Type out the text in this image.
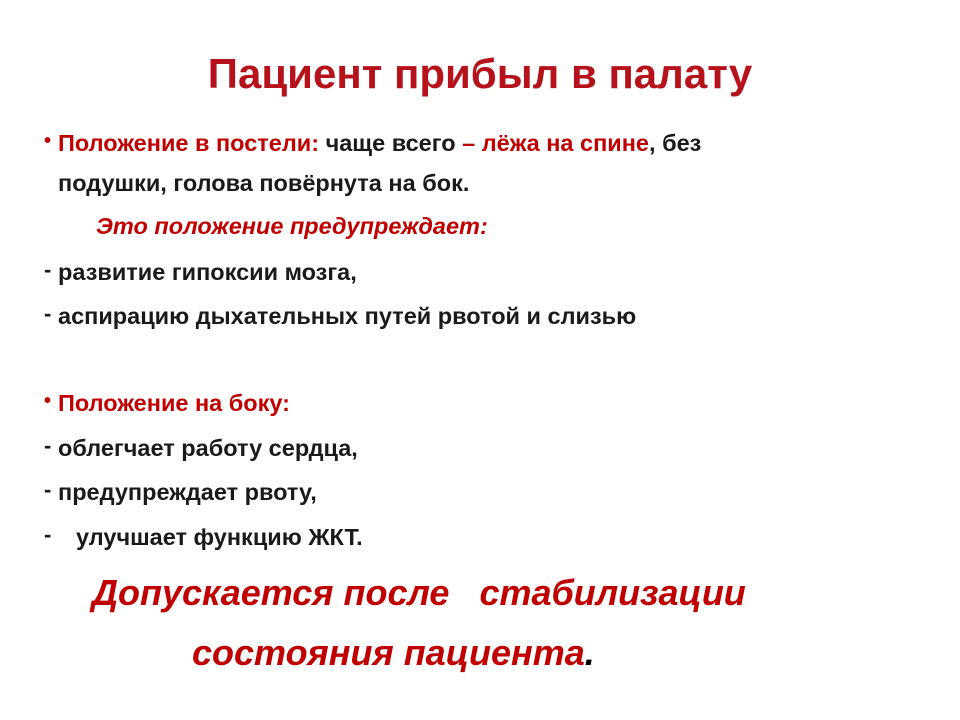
Пациент прибыл в палату
• Положение в постели: чаще всего – лёжа на спине, без
подушки, голова повёрнута на бок.
Это положение предупреждает:
- развитие гипоксии мозга,
- аспирацию дыхательных путей рвотой и слизью
• Положение на боку:
- облегчает работу сердца,
- предупреждает рвоту,
- улучшает функцию ЖКТ.
Допускается после стабилизации
состояния пациента.
